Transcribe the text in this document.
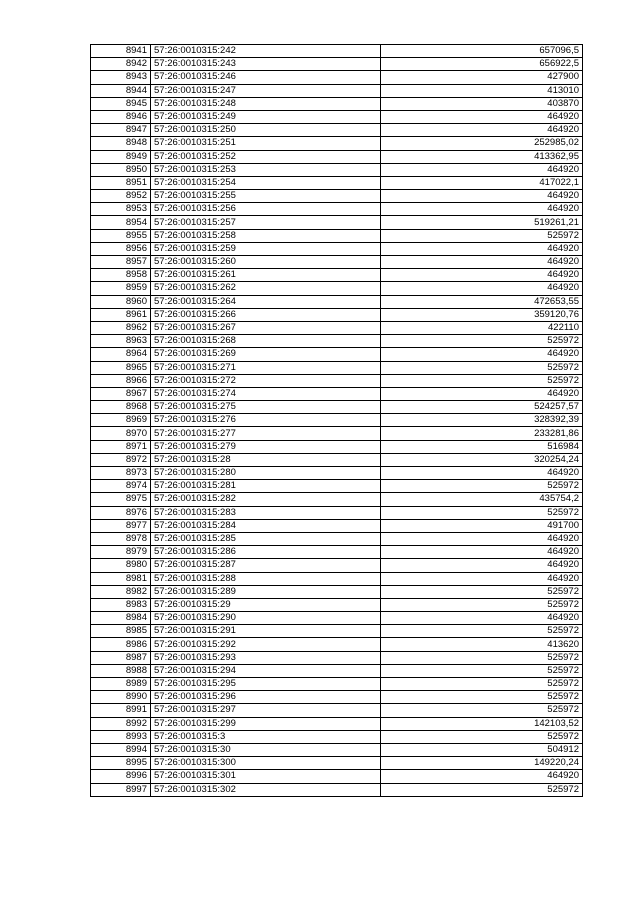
8941	57:26:0010315:242	657096,5
8942	57:26:0010315:243	656922,5
8943	57:26:0010315:246	427900
8944	57:26:0010315:247	413010
8945	57:26:0010315:248	403870
8946	57:26:0010315:249	464920
8947	57:26:0010315:250	464920
8948	57:26:0010315:251	252985,02
8949	57:26:0010315:252	413362,95
8950	57:26:0010315:253	464920
8951	57:26:0010315:254	417022,1
8952	57:26:0010315:255	464920
8953	57:26:0010315:256	464920
8954	57:26:0010315:257	519261,21
8955	57:26:0010315:258	525972
8956	57:26:0010315:259	464920
8957	57:26:0010315:260	464920
8958	57:26:0010315:261	464920
8959	57:26:0010315:262	464920
8960	57:26:0010315:264	472653,55
8961	57:26:0010315:266	359120,76
8962	57:26:0010315:267	422110
8963	57:26:0010315:268	525972
8964	57:26:0010315:269	464920
8965	57:26:0010315:271	525972
8966	57:26:0010315:272	525972
8967	57:26:0010315:274	464920
8968	57:26:0010315:275	524257,57
8969	57:26:0010315:276	328392,39
8970	57:26:0010315:277	233281,86
8971	57:26:0010315:279	516984
8972	57:26:0010315:28	320254,24
8973	57:26:0010315:280	464920
8974	57:26:0010315:281	525972
8975	57:26:0010315:282	435754,2
8976	57:26:0010315:283	525972
8977	57:26:0010315:284	491700
8978	57:26:0010315:285	464920
8979	57:26:0010315:286	464920
8980	57:26:0010315:287	464920
8981	57:26:0010315:288	464920
8982	57:26:0010315:289	525972
8983	57:26:0010315:29	525972
8984	57:26:0010315:290	464920
8985	57:26:0010315:291	525972
8986	57:26:0010315:292	413620
8987	57:26:0010315:293	525972
8988	57:26:0010315:294	525972
8989	57:26:0010315:295	525972
8990	57:26:0010315:296	525972
8991	57:26:0010315:297	525972
8992	57:26:0010315:299	142103,52
8993	57:26:0010315:3	525972
8994	57:26:0010315:30	504912
8995	57:26:0010315:300	149220,24
8996	57:26:0010315:301	464920
8997	57:26:0010315:302	525972
